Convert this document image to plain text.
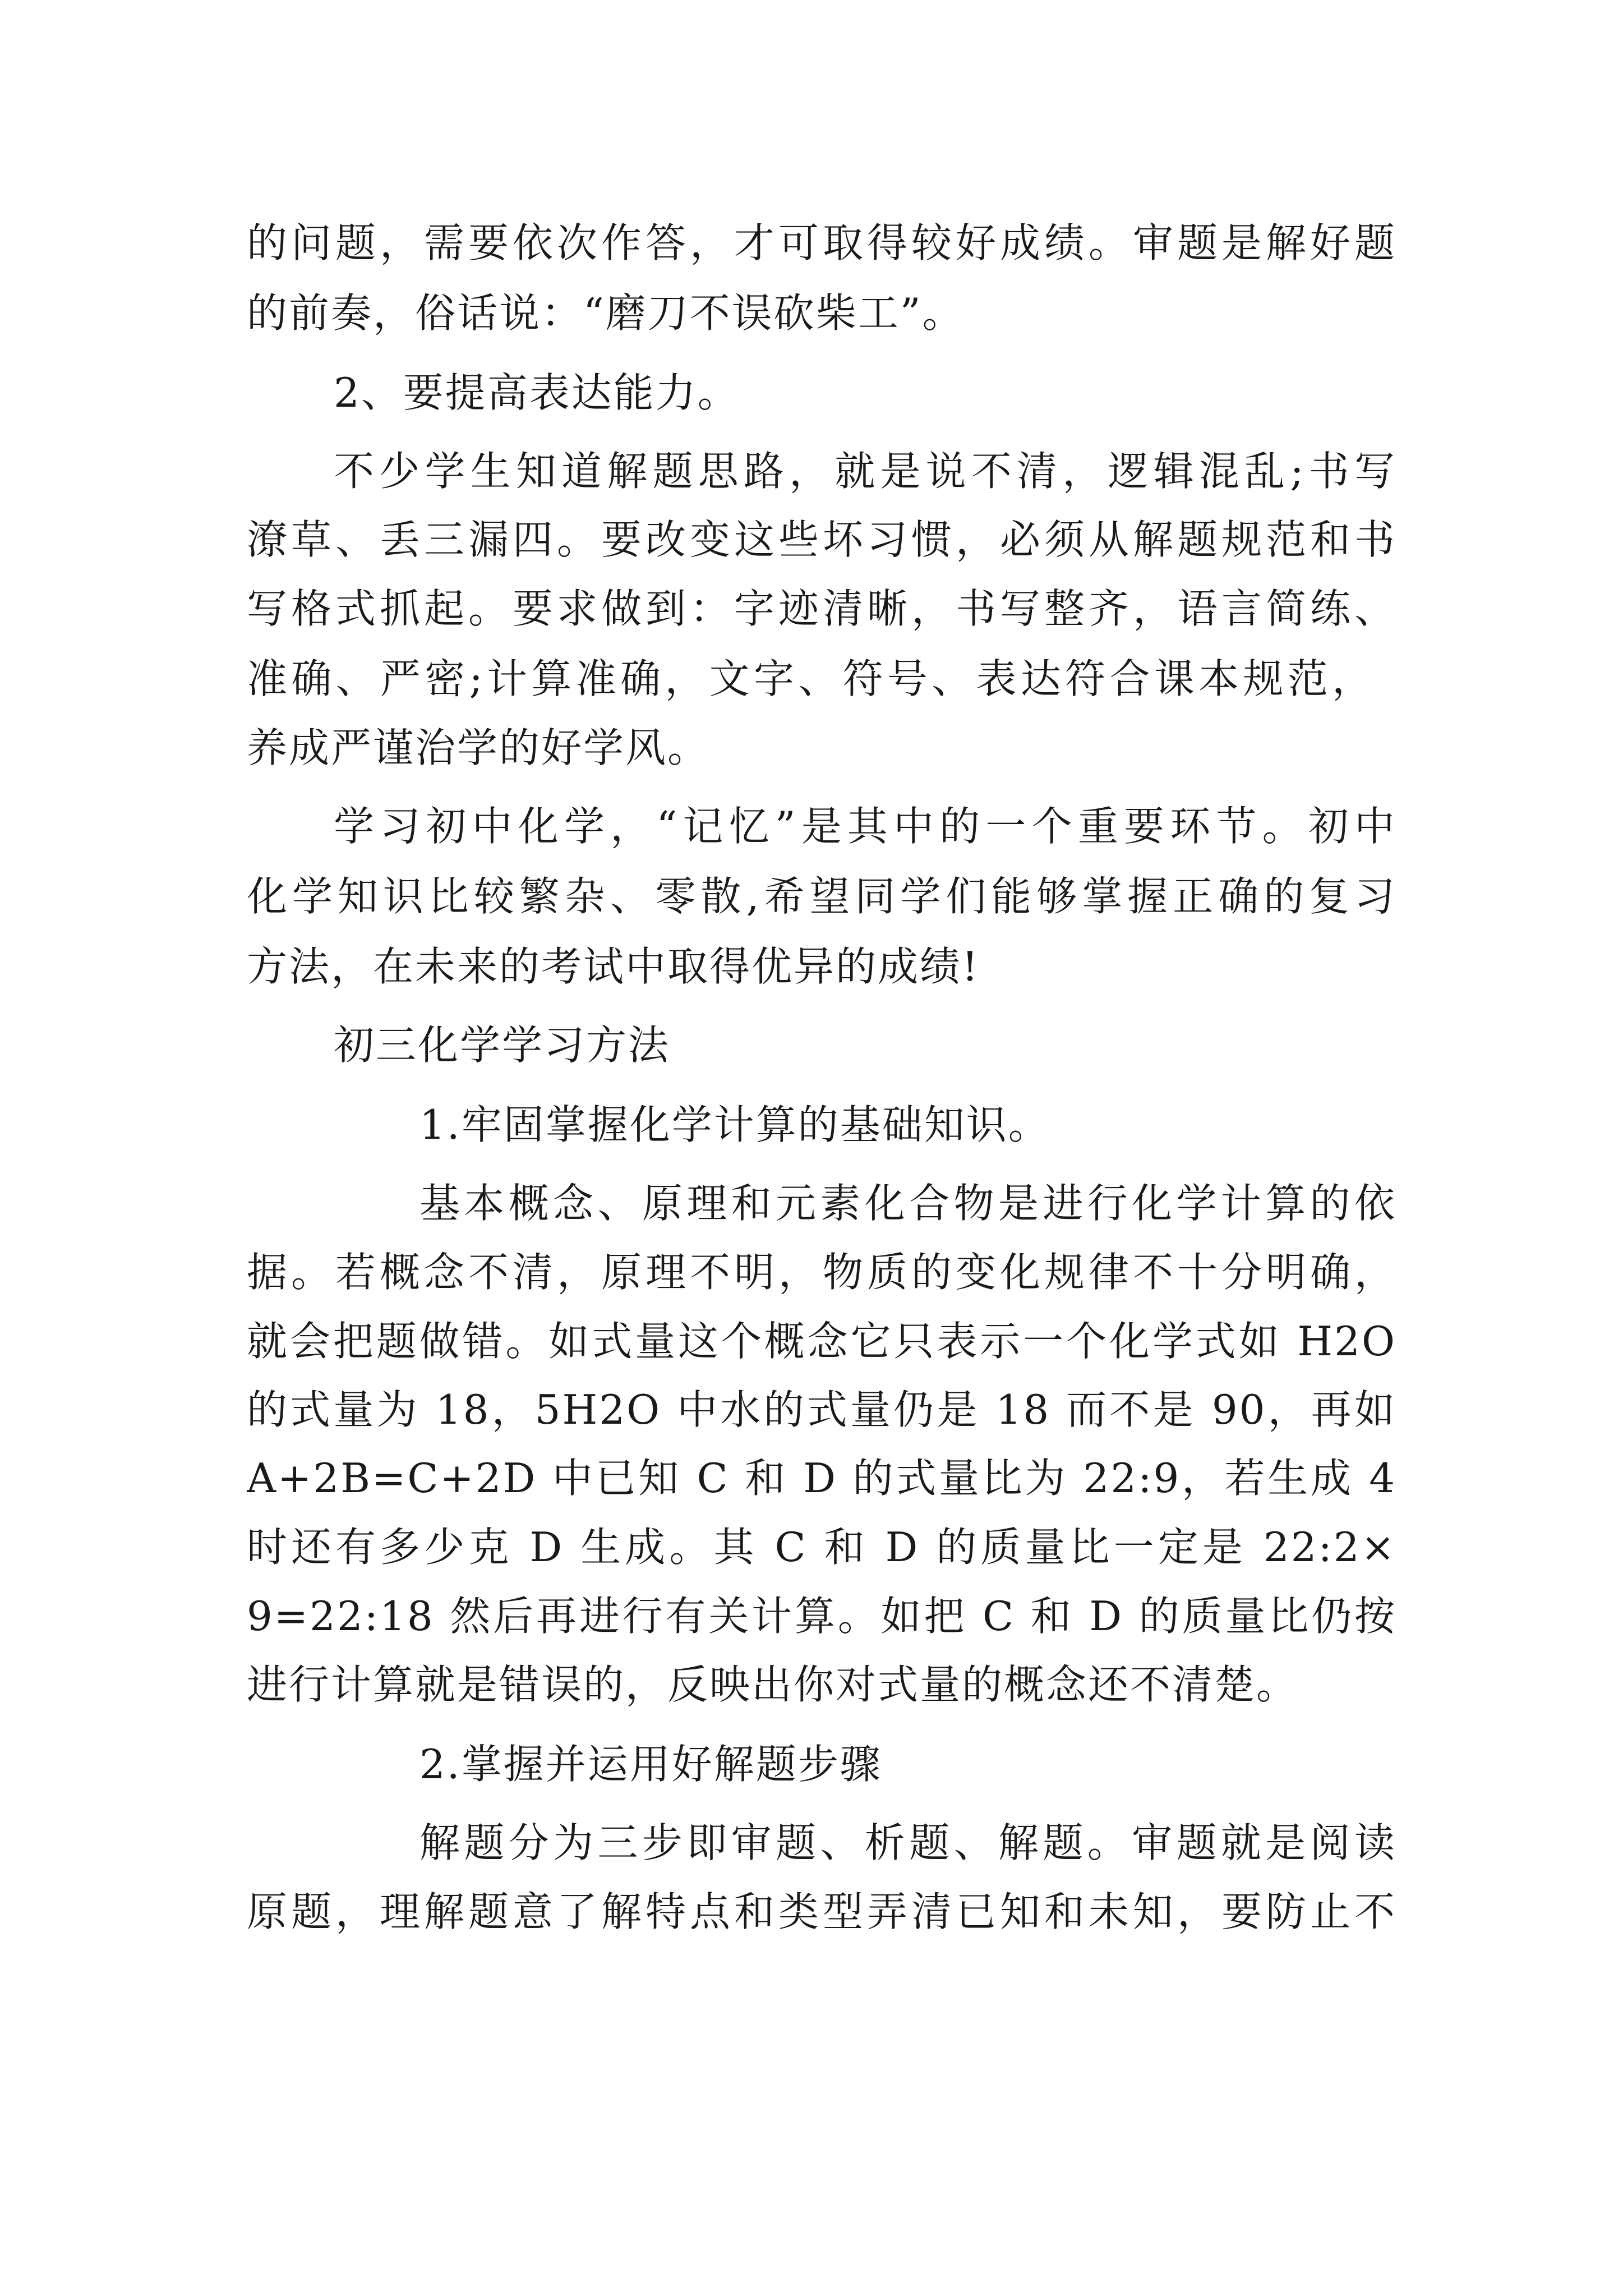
的问题，需要依次作答，才可取得较好成绩。审题是解好题

的前奏，俗话说：“磨刀不误砍柴工”。

2、要提高表达能力。

不少学生知道解题思路，就是说不清，逻辑混乱;书写

潦草、丢三漏四。要改变这些坏习惯，必须从解题规范和书

写格式抓起。要求做到：字迹清晰，书写整齐，语言简练、

准确、严密;计算准确，文字、符号、表达符合课本规范，

养成严谨治学的好学风。

学习初中化学，“记忆”是其中的一个重要环节。初中

化学知识比较繁杂、零散,希望同学们能够掌握正确的复习

方法，在未来的考试中取得优异的成绩!

初三化学学习方法

1.牢固掌握化学计算的基础知识。

基本概念、原理和元素化合物是进行化学计算的依

据。若概念不清，原理不明，物质的变化规律不十分明确，

就会把题做错。如式量这个概念它只表示一个化学式如 H2O

的式量为 18，5H2O 中水的式量仍是 18 而不是 90，再如

A+2B=C+2D 中已知 C 和 D 的式量比为 22:9，若生成 4

时还有多少克 D 生成。其 C 和 D 的质量比一定是 22:2×

9=22:18 然后再进行有关计算。如把 C 和 D 的质量比仍按

进行计算就是错误的，反映出你对式量的概念还不清楚。

2.掌握并运用好解题步骤

解题分为三步即审题、析题、解题。审题就是阅读

原题，理解题意了解特点和类型弄清已知和未知，要防止不
